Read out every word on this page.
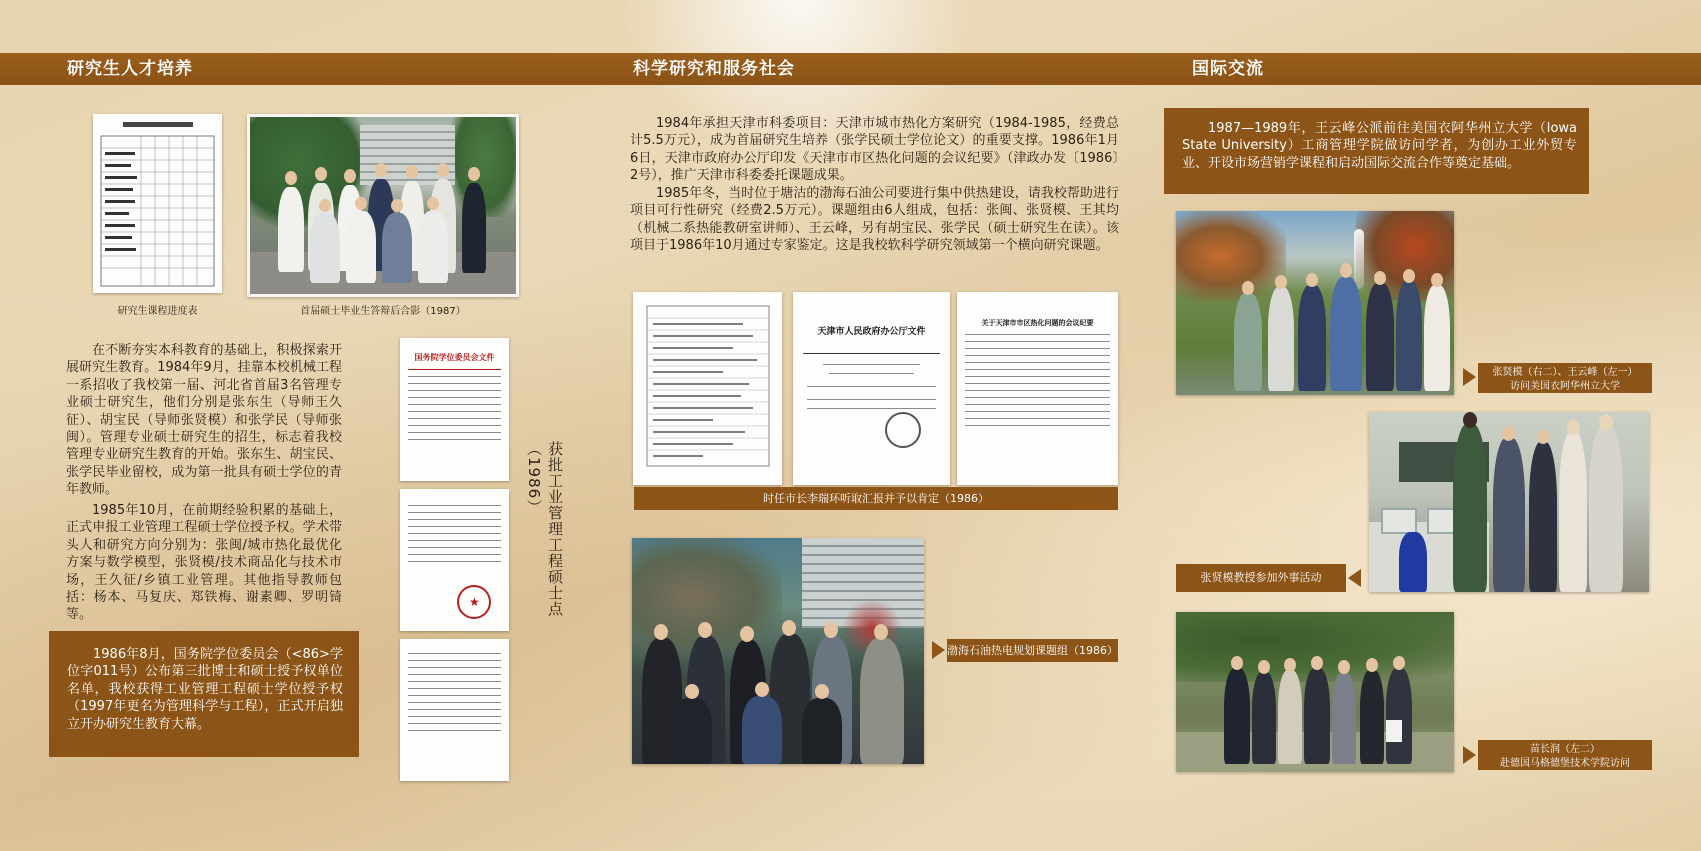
研究生人才培养	科学研究和服务社会	国际交流
研究生课程进度表	首届硕士毕业生答辩后合影（1987）
在不断夯实本科教育的基础上，积极探索开展研究生教育。1984年9月，挂靠本校机械工程一系招收了我校第一届、河北省首届3名管理专业硕士研究生，他们分别是张东生（导师王久征）、胡宝民（导师张贤模）和张学民（导师张闽）。管理专业硕士研究生的招生，标志着我校管理专业研究生教育的开始。张东生、胡宝民、张学民毕业留校，成为第一批具有硕士学位的青年教师。
1985年10月，在前期经验积累的基础上，正式申报工业管理工程硕士学位授予权。学术带头人和研究方向分别为：张闽/城市热化最优化方案与数学模型，张贤模/技术商品化与技术市场，王久征/乡镇工业管理。其他指导教师包括：杨本、马复庆、郑铁梅、谢素卿、罗明锜等。
1986年8月，国务院学位委员会（<86>学位字011号）公布第三批博士和硕士授予权单位名单，我校获得工业管理工程硕士学位授予权（1997年更名为管理科学与工程），正式开启独立开办研究生教育大幕。
国务院学位委员会文件
★	获批工业管理工程硕士点（1986）
1984年承担天津市科委项目：天津市城市热化方案研究（1984-1985，经费总计5.5万元），成为首届研究生培养（张学民硕士学位论文）的重要支撑。1986年1月6日，天津市政府办公厅印发《天津市市区热化问题的会议纪要》（津政办发〔1986〕2号），推广天津市科委委托课题成果。
1985年冬，当时位于塘沽的渤海石油公司要进行集中供热建设，请我校帮助进行项目可行性研究（经费2.5万元）。课题组由6人组成，包括：张闽、张贤模、王其均（机械二系热能教研室讲师）、王云峰，另有胡宝民、张学民（硕士研究生在读）。该项目于1986年10月通过专家鉴定。这是我校软科学研究领域第一个横向研究课题。
天津市人民政府办公厅文件
关于天津市市区热化问题的会议纪要
时任市长李瑞环听取汇报并予以肯定（1986）
渤海石油热电规划课题组（1986）
1987—1989年，王云峰公派前往美国衣阿华州立大学（Iowa State University）工商管理学院做访问学者，为创办工业外贸专业、开设市场营销学课程和启动国际交流合作等奠定基础。
张贤模（右二）、王云峰（左一）
访问美国衣阿华州立大学
张贤模教授参加外事活动
苗长润（左二）
赴德国马格德堡技术学院访问
